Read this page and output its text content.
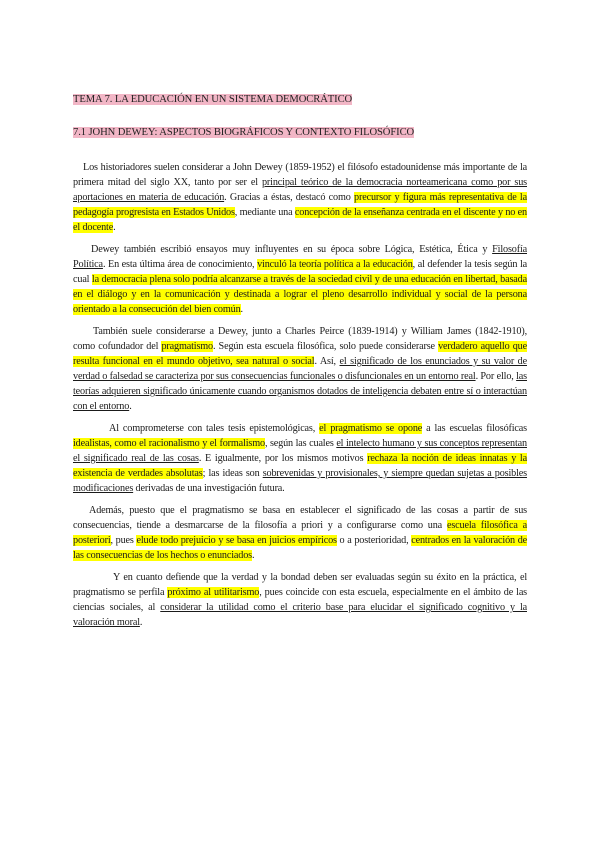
TEMA 7. LA EDUCACIÓN EN UN SISTEMA DEMOCRÁTICO
7.1 JOHN DEWEY: ASPECTOS BIOGRÁFICOS Y CONTEXTO FILOSÓFICO

Los historiadores suelen considerar a John Dewey (1859-1952) el filósofo estadounidense más importante de la primera mitad del siglo XX, tanto por ser el principal teórico de la democracia norteamericana como por sus aportaciones en materia de educación. Gracias a éstas, destacó como precursor y figura más representativa de la pedagogía progresista en Estados Unidos, mediante una concepción de la enseñanza centrada en el discente y no en el docente.

Dewey también escribió ensayos muy influyentes en su época sobre Lógica, Estética, Ética y Filosofía Política. En esta última área de conocimiento, vinculó la teoría política a la educación, al defender la tesis según la cual la democracia plena solo podría alcanzarse a través de la sociedad civil y de una educación en libertad, basada en el diálogo y en la comunicación y destinada a lograr el pleno desarrollo individual y social de la persona orientado a la consecución del bien común.

También suele considerarse a Dewey, junto a Charles Peirce (1839-1914) y William James (1842-1910), como cofundador del pragmatismo. Según esta escuela filosófica, solo puede considerarse verdadero aquello que resulta funcional en el mundo objetivo, sea natural o social. Así, el significado de los enunciados y su valor de verdad o falsedad se caracteriza por sus consecuencias funcionales o disfuncionales en un entorno real. Por ello, las teorías adquieren significado únicamente cuando organismos dotados de inteligencia debaten entre sí o interactúan con el entorno.

Al comprometerse con tales tesis epistemológicas, el pragmatismo se opone a las escuelas filosóficas idealistas, como el racionalismo y el formalismo, según las cuales el intelecto humano y sus conceptos representan el significado real de las cosas. E igualmente, por los mismos motivos rechaza la noción de ideas innatas y la existencia de verdades absolutas; las ideas son sobrevenidas y provisionales, y siempre quedan sujetas a posibles modificaciones derivadas de una investigación futura.

Además, puesto que el pragmatismo se basa en establecer el significado de las cosas a partir de sus consecuencias, tiende a desmarcarse de la filosofía a priori y a configurarse como una escuela filosófica a posteriori, pues elude todo prejuicio y se basa en juicios empíricos o a posterioridad, centrados en la valoración de las consecuencias de los hechos o enunciados.

Y en cuanto defiende que la verdad y la bondad deben ser evaluadas según su éxito en la práctica, el pragmatismo se perfila próximo al utilitarismo, pues coincide con esta escuela, especialmente en el ámbito de las ciencias sociales, al considerar la utilidad como el criterio base para elucidar el significado cognitivo y la valoración moral.
